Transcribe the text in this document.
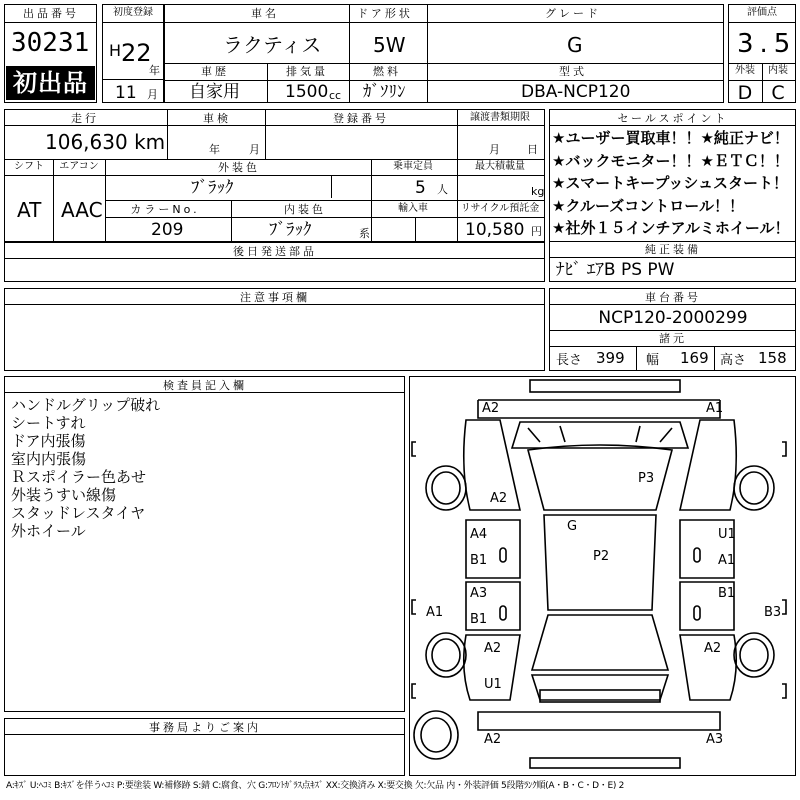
出品番号
30231
初出品
初度登録
H 22
年
11 月
車名	ドア形状	グレード
ラクティス	5W	G
車歴	排気量	燃料	型式
自家用	1500 cc ｶﾞｿﾘﾝ	DBA-NCP120
評価点
3.5
外装 内装
D C
走行	車検	登録番号	譲渡書類期限
106,630 km	年	月	月 日
シフト エアコン	外装色	乗車定員	最大積載量
AT AAC
ﾌﾞﾗｯｸ	5 人	kg
カラーNo.	内装色	輸入車	リサイクル預託金
209	ﾌﾞﾗｯｸ	系	10,580 円
後日発送部品
セールスポイント
★ユーザー買取車！！★純正ナビ！
★バックモニター！！★ＥＴＣ！！
★スマートキープッシュスタート！
★クルーズコントロール！！
★社外１５インチアルミホイール！
純正装備
ﾅﾋﾞ ｴｱB PS PW
注意事項欄	車台番号
NCP120-2000299
諸元
長さ 399 幅 169 高さ 158
検査員記入欄
ハンドルグリップ破れ
シートすれ
ドア内張傷
室内内張傷
Ｒスポイラー色あせ
外装うすい線傷
スタッドレスタイヤ
外ホイール
事務局よりご案内
A2	A1
A2
P3
G
A4
B1
U1
A1
P2
A3
B1
B1
A1	B3
A2	A2
U1
A2	A3
A:ｷｽﾞ U:ﾍｺﾐ B:ｷｽﾞを伴うﾍｺﾐ P:要塗装 W:補修跡 S:錆 C:腐食、穴 G:ﾌﾛﾝﾄｶﾞﾗｽ点ｷｽﾞ XX:交換済み X:要交換 欠:欠品 内・外装評価 5段階ﾗﾝｸ順(A・B・C・D・E) 2
